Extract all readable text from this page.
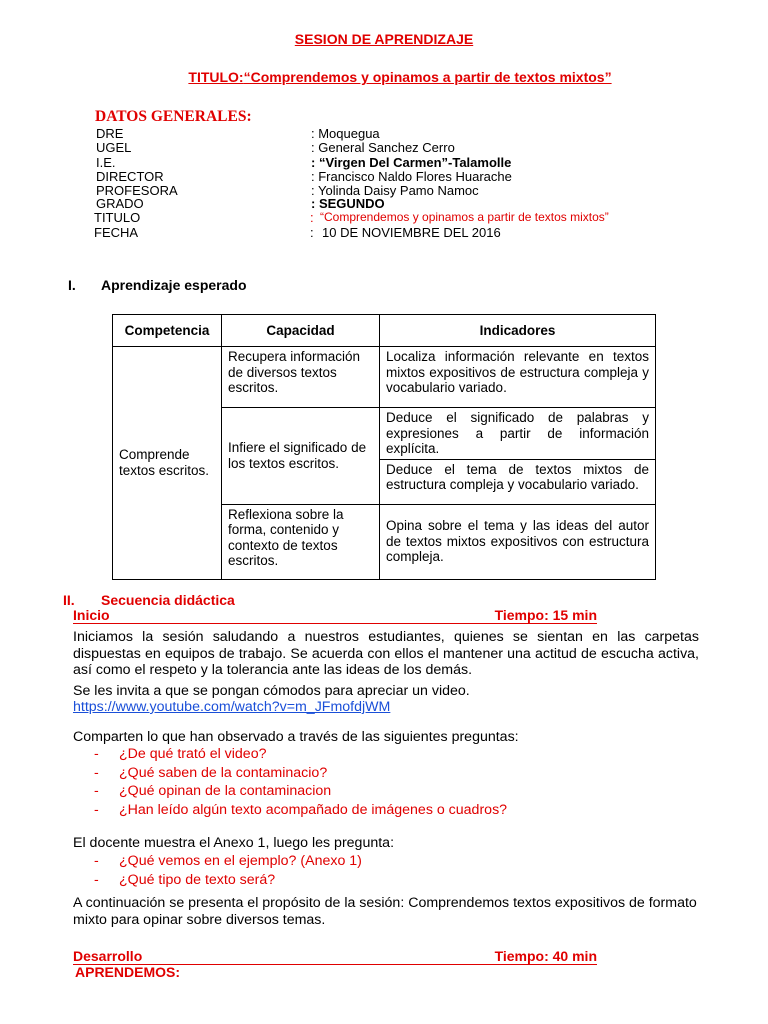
SESION DE APRENDIZAJE
TITULO:“Comprendemos y opinamos a partir de textos mixtos”
DATOS GENERALES:
DRE	: Moquegua
UGEL	: General Sanchez Cerro
I.E.	: “Virgen Del Carmen”-Talamolle
DIRECTOR	: Francisco Naldo Flores Huarache
PROFESORA	: Yolinda Daisy Pamo Namoc
GRADO	: SEGUNDO
TITULO	: “Comprendemos y opinamos a partir de textos mixtos”
FECHA	: 10 DE NOVIEMBRE DEL 2016
I. Aprendizaje esperado
Competencia	Capacidad	Indicadores
Comprende textos escritos.	Recupera información de diversos textos escritos.	Localiza información relevante en textos mixtos expositivos de estructura compleja y vocabulario variado.
	Infiere el significado de los textos escritos.	Deduce el significado de palabras y expresiones a partir de información explícita.
		Deduce el tema de textos mixtos de estructura compleja y vocabulario variado.
	Reflexiona sobre la forma, contenido y contexto de textos escritos.	Opina sobre el tema y las ideas del autor de textos mixtos expositivos con estructura compleja.
II. Secuencia didáctica
Inicio	Tiempo: 15 min
Iniciamos la sesión saludando a nuestros estudiantes, quienes se sientan en las carpetas dispuestas en equipos de trabajo. Se acuerda con ellos el mantener una actitud de escucha activa, así como el respeto y la tolerancia ante las ideas de los demás.
Se les invita a que se pongan cómodos para apreciar un video.
https://www.youtube.com/watch?v=m_JFmofdjWM
Comparten lo que han observado a través de las siguientes preguntas:
- ¿De qué trató el video?
- ¿Qué saben de la contaminacio?
- ¿Qué opinan de la contaminacion
- ¿Han leído algún texto acompañado de imágenes o cuadros?
El docente muestra el Anexo 1, luego les pregunta:
- ¿Qué vemos en el ejemplo? (Anexo 1)
- ¿Qué tipo de texto será?
A continuación se presenta el propósito de la sesión: Comprendemos textos expositivos de formato mixto para opinar sobre diversos temas.
Desarrollo	Tiempo: 40 min
APRENDEMOS:
